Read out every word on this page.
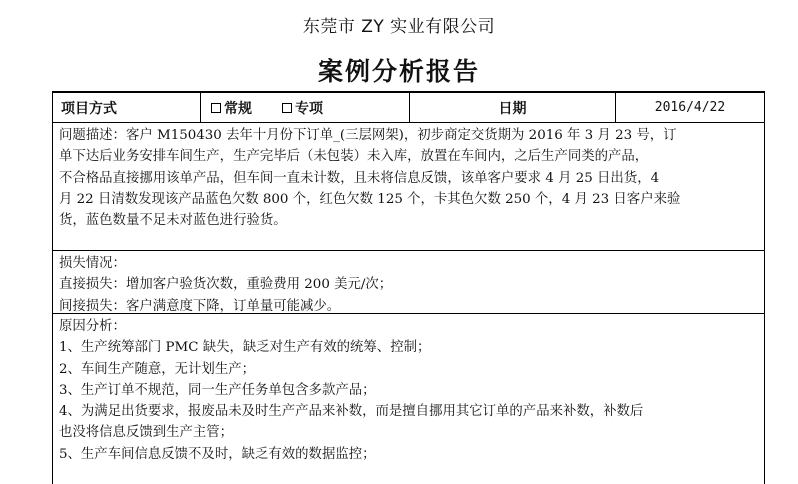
东莞市 ZY 实业有限公司
案例分析报告
项目方式	常规	专项	日期	2016/4/22
问题描述：客户 M150430 去年十月份下订单_(三层网架)，初步商定交货期为 2016 年 3 月 23 号，订
单下达后业务安排车间生产，生产完毕后（未包装）未入库，放置在车间内，之后生产同类的产品，
不合格品直接挪用该单产品，但车间一直未计数，且未将信息反馈，该单客户要求 4 月 25 日出货，4
月 22 日清数发现该产品蓝色欠数 800 个，红色欠数 125 个，卡其色欠数 250 个，4 月 23 日客户来验
货，蓝色数量不足未对蓝色进行验货。
损失情况：
直接损失：增加客户验货次数，重验费用 200 美元/次；
间接损失：客户满意度下降，订单量可能减少。
原因分析：
1、生产统筹部门 PMC 缺失，缺乏对生产有效的统筹、控制；
2、车间生产随意，无计划生产；
3、生产订单不规范，同一生产任务单包含多款产品；
4、为满足出货要求，报废品未及时生产产品来补数，而是擅自挪用其它订单的产品来补数，补数后
也没将信息反馈到生产主管；
5、生产车间信息反馈不及时，缺乏有效的数据监控；
